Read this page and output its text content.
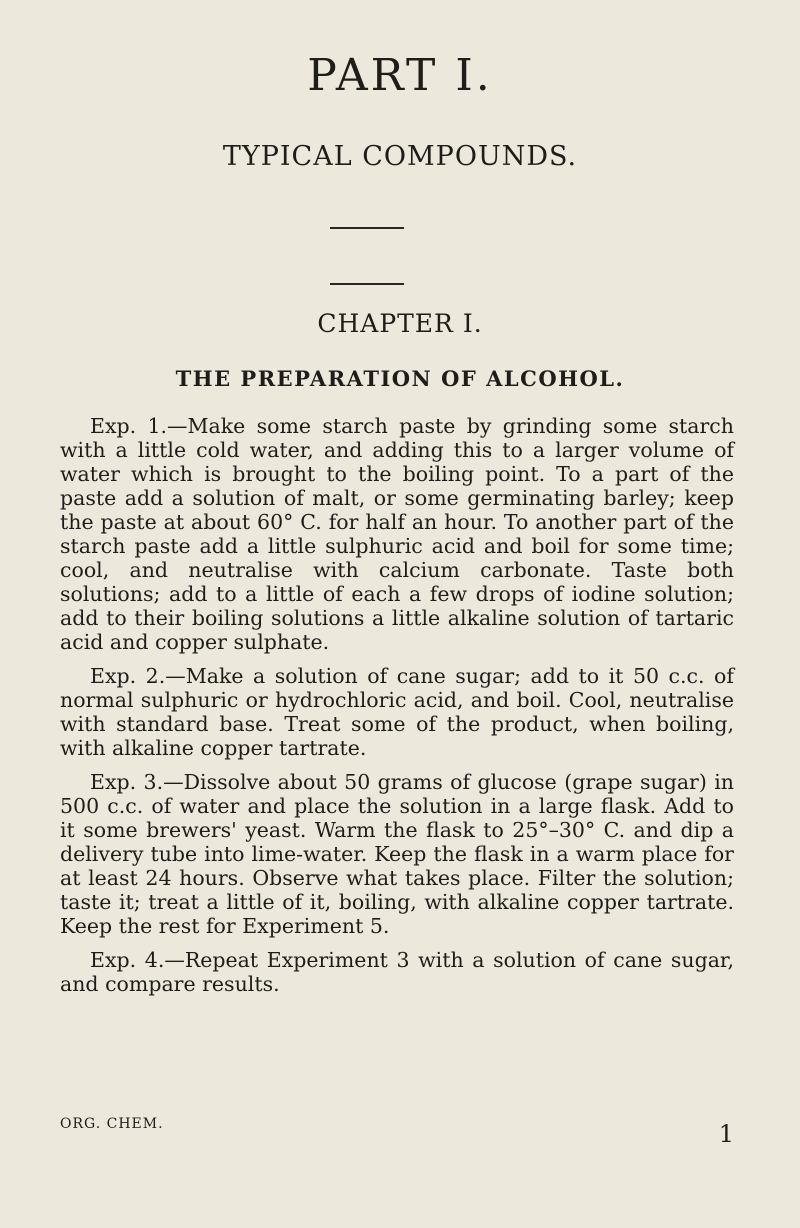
PART I.
TYPICAL COMPOUNDS.
CHAPTER I.
THE PREPARATION OF ALCOHOL.

Exp. 1.—Make some starch paste by grinding some starch with a little cold water, and adding this to a larger volume of water which is brought to the boiling point. To a part of the paste add a solution of malt, or some germinating barley; keep the paste at about 60° C. for half an hour. To another part of the starch paste add a little sulphuric acid and boil for some time; cool, and neutralise with calcium carbonate. Taste both solutions; add to a little of each a few drops of iodine solution; add to their boiling solutions a little alkaline solution of tartaric acid and copper sulphate.

Exp. 2.—Make a solution of cane sugar; add to it 50 c.c. of normal sulphuric or hydrochloric acid, and boil. Cool, neutralise with standard base. Treat some of the product, when boiling, with alkaline copper tartrate.

Exp. 3.—Dissolve about 50 grams of glucose (grape sugar) in 500 c.c. of water and place the solution in a large flask. Add to it some brewers' yeast. Warm the flask to 25°–30° C. and dip a delivery tube into lime-water. Keep the flask in a warm place for at least 24 hours. Observe what takes place. Filter the solution; taste it; treat a little of it, boiling, with alkaline copper tartrate. Keep the rest for Experiment 5.

Exp. 4.—Repeat Experiment 3 with a solution of cane sugar, and compare results.

ORG. CHEM.	1
